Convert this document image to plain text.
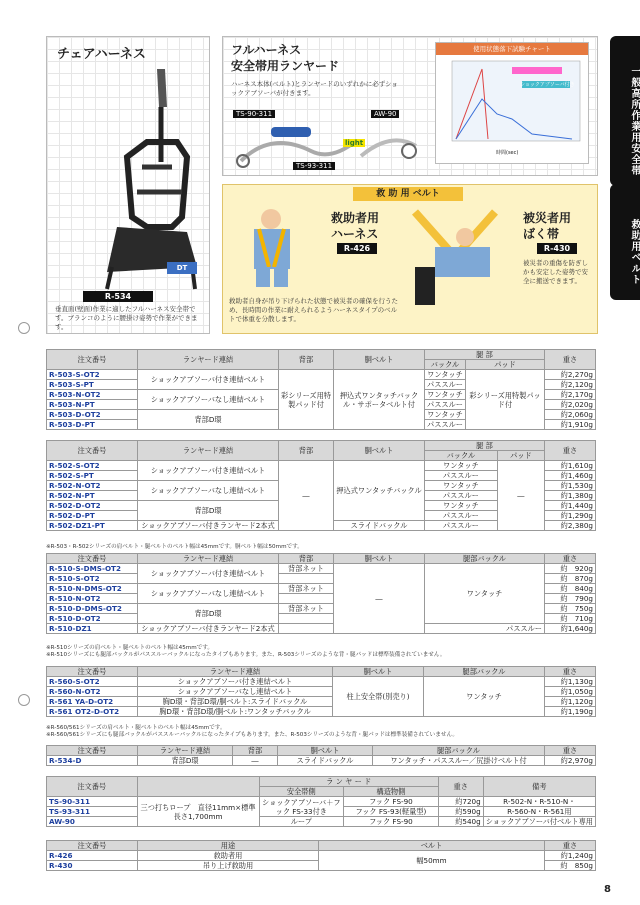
チェアハーネス
DT
R-534
垂直面(壁面)作業に適したフルハーネス安全帯です。ブランコのように腰掛け姿勢で作業ができます。
フルハーネス
安全帯用ランヤード
ハーネス本体(ベルト)とランヤードのいずれかに必ずショックアブソーバが付きます。
TS-90-311	AW-90
TS-93-311
light
使用状態落下試験チャート
ショックアブソーバ付き
時間(sec)
救 助 用 ベルト
救助者用
ハーネス
R-426
被災者用
ばく帯
R-430
被災者の重傷を防ぎしかも安定した姿勢で安全に搬送できます。
救助者自身が吊り下げられた状態で被災者の確保を行うため、長時間の作業に耐えられるようハーネスタイプのベルトで体重を分散します。
一般高所作業用安全帯
救助用ベルト
注文番号	ランヤード連結	背部	胴ベルト	腿 部		重さ
				バックル	パッド	
R-503-S-OT2	ショックアブソーバ付き連結ベルト	彩シリーズ用特製パッド付	押込式ワンタッチバックル・サポータベルト付	ワンタッチ	彩シリーズ用特製パッド付	約2,270g
R-503-S-PT				パススルー		約2,120g
R-503-N-OT2	ショックアブソーバなし連結ベルト			ワンタッチ		約2,170g
R-503-N-PT				パススルー		約2,020g
R-503-D-OT2	背部D環			ワンタッチ		約2,060g
R-503-D-PT				パススルー		約1,910g
注文番号	ランヤード連結	背部	胴ベルト	腿 部		重さ
				バックル	パッド	
R-502-S-OT2	ショックアブソーバ付き連結ベルト	―	押込式ワンタッチバックル	ワンタッチ	―	約1,610g
R-502-S-PT				パススルー		約1,460g
R-502-N-OT2	ショックアブソーバなし連結ベルト			ワンタッチ		約1,530g
R-502-N-PT				パススルー		約1,380g
R-502-D-OT2	背部D環			ワンタッチ		約1,440g
R-502-D-PT				パススルー		約1,290g
R-502-DZ1-PT	ショックアブソーバ付きランヤード2本式		スライドバックル	パススルー		約2,380g
※R-503・R-502シリーズの肩ベルト・腿ベルトのベルト幅は45mmです。胴ベルト幅は50mmです。
注文番号	ランヤード連結	背部	胴ベルト	腿部バックル	重さ
R-510-S-DMS-OT2	ショックアブソーバ付き連結ベルト	背部ネット	―	ワンタッチ	約　920g
R-510-S-OT2					約　870g
R-510-N-DMS-OT2	ショックアブソーバなし連結ベルト	背部ネット			約　840g
R-510-N-OT2					約　790g
R-510-D-DMS-OT2	背部D環	背部ネット			約　750g
R-510-D-OT2					約　710g
R-510-DZ1	ショックアブソーバ付きランヤード2本式			パススルー	約1,640g
※R-510シリーズの肩ベルト・腿ベルトのベルト幅は45mmです。
※R-510シリーズにも腿部バックルがパススルーバックルになったタイプもあります。また、R-503シリーズのような背・腿パッドは標準装備されていません。
注文番号	ランヤード連結	胴ベルト	腿部バックル	重さ
R-560-S-OT2	ショックアブソーバ付き連結ベルト	柱上安全帯(別売り)	ワンタッチ	約1,130g
R-560-N-OT2	ショックアブソーバなし連結ベルト			約1,050g
R-561 YA-D-OT2	胸D環・背部D環/胴ベルト:スライドバックル			約1,120g
R-561 OT2-D-OT2	胸D環・背部D環/胴ベルト:ワンタッチバックル			約1,190g
※R-560/561シリーズの肩ベルト・腿ベルトのベルト幅は45mmです。
※R-560/561シリーズにも腿部バックルがパススルーバックルになったタイプもあります。また、R-503シリーズのような背・腿パッドは標準装備されていません。
注文番号	ランヤード連結	背部	胴ベルト	腿部バックル	重さ
R-534-D	背部D環	―	スライドバックル	ワンタッチ・パススルー／尻掛けベルト付	約2,970g
注文番号		ラ ン ヤ ー ド		重さ	備考
		安全帯側	構造物側		
TS-90-311	三つ打ちロープ　直径11mm×標準長さ1,700mm	ショックアブソーバ＋フック FS-33付き	フック FS-90	約720g	R-502-N・R-510-N・
TS-93-311			フック FS-93(軽量型)	約590g	R-560-N・R-561用
AW-90		ループ	フック FS-90	約540g	ショックアブソーバ付ベルト専用
注文番号	用途	ベルト	重さ
R-426	救助者用	幅50mm	約1,240g
R-430	吊り上げ救助用		約　850g
8
